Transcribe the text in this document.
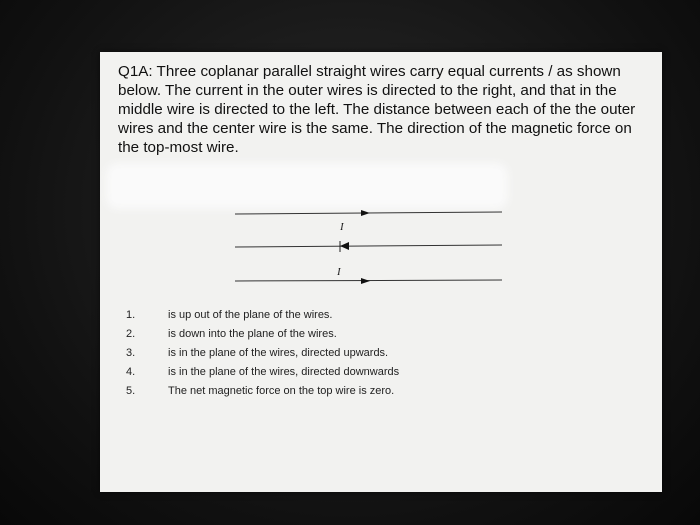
Q1A: Three coplanar parallel straight wires carry equal currents / as shown below. The current in the outer wires is directed to the right, and that in the middle wire is directed to the left. The distance between each of the the outer wires and the center wire is the same. The direction of the magnetic force on the top-most wire.

I
I
1.	is up out of the plane of the wires.
2.	is down into the plane of the wires.
3.	is in the plane of the wires, directed upwards.
4.	is in the plane of the wires, directed downwards
5.	The net magnetic force on the top wire is zero.
